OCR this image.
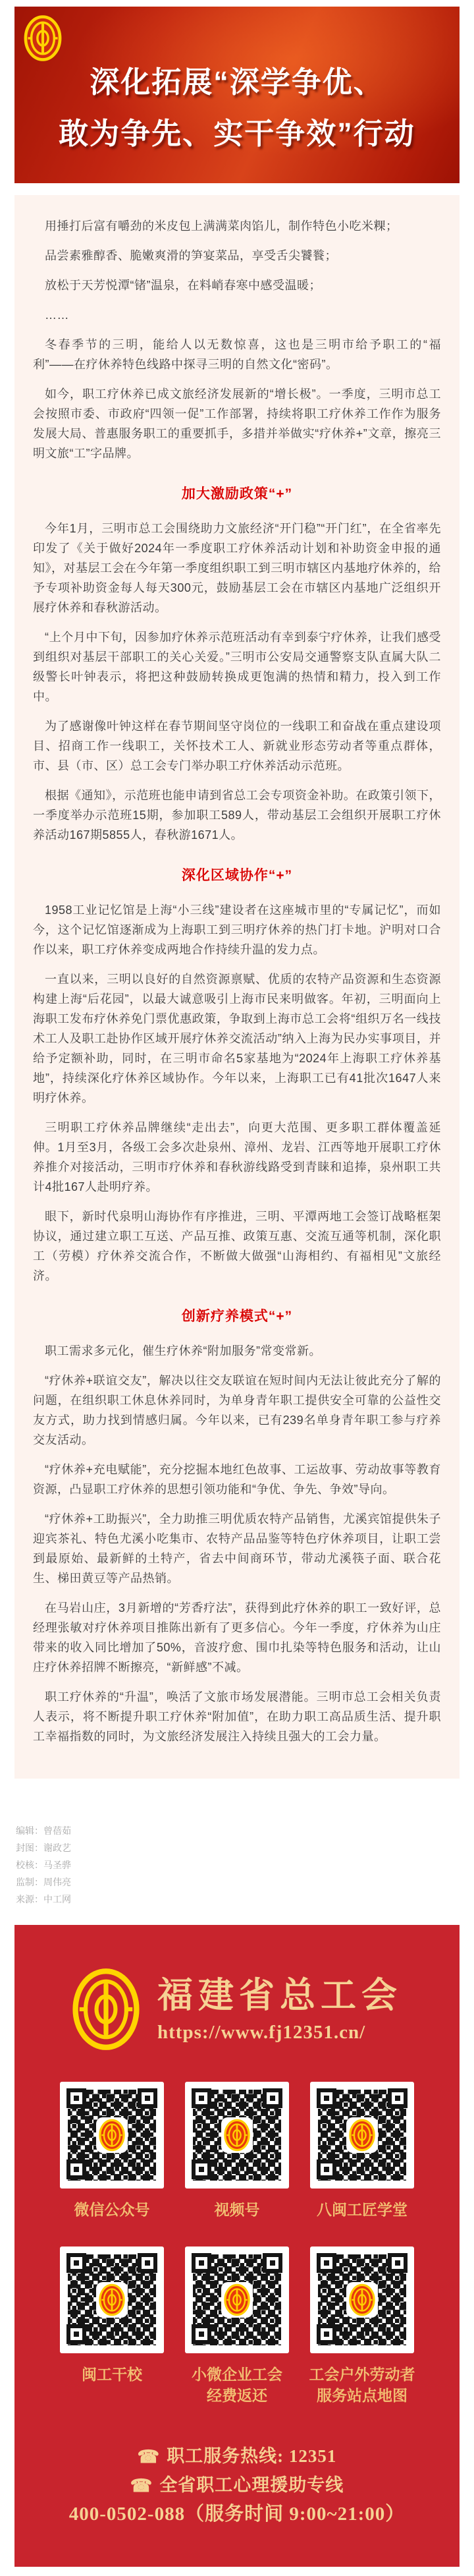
深化拓展“深学争优、
敢为争先、实干争效”行动

用捶打后富有嚼劲的米皮包上满满菜肉馅儿，制作特色小吃米粿；

品尝素雅醇香、脆嫩爽滑的笋宴菜品，享受舌尖饕餮；

放松于天芳悦潭“锗”温泉，在料峭春寒中感受温暖；

……

冬春季节的三明，能给人以无数惊喜，这也是三明市给予职工的“福利”——在疗休养特色线路中探寻三明的自然文化“密码”。

如今，职工疗休养已成文旅经济发展新的“增长极”。一季度，三明市总工会按照市委、市政府“四领一促”工作部署，持续将职工疗休养工作作为服务发展大局、普惠服务职工的重要抓手，多措并举做实“疗休养+”文章，擦亮三明文旅“工”字品牌。

加大激励政策“+”

今年1月，三明市总工会围绕助力文旅经济“开门稳”“开门红”，在全省率先印发了《关于做好2024年一季度职工疗休养活动计划和补助资金申报的通知》，对基层工会在今年第一季度组织职工到三明市辖区内基地疗休养的，给予专项补助资金每人每天300元，鼓励基层工会在市辖区内基地广泛组织开展疗休养和春秋游活动。

“上个月中下旬，因参加疗休养示范班活动有幸到泰宁疗休养，让我们感受到组织对基层干部职工的关心关爱。”三明市公安局交通警察支队直属大队二级警长叶钟表示，将把这种鼓励转换成更饱满的热情和精力，投入到工作中。

为了感谢像叶钟这样在春节期间坚守岗位的一线职工和奋战在重点建设项目、招商工作一线职工，关怀技术工人、新就业形态劳动者等重点群体，市、县（市、区）总工会专门举办职工疗休养活动示范班。

根据《通知》，示范班也能申请到省总工会专项资金补助。在政策引领下，一季度举办示范班15期，参加职工589人，带动基层工会组织开展职工疗休养活动167期5855人，春秋游1671人。

深化区域协作“+”

1958工业记忆馆是上海“小三线”建设者在这座城市里的“专属记忆”，而如今，这个记忆馆逐渐成为上海职工到三明疗休养的热门打卡地。沪明对口合作以来，职工疗休养变成两地合作持续升温的发力点。

一直以来，三明以良好的自然资源禀赋、优质的农特产品资源和生态资源构建上海“后花园”，以最大诚意吸引上海市民来明做客。年初，三明面向上海职工发布疗休养免门票优惠政策，争取到上海市总工会将“组织万名一线技术工人及职工赴协作区域开展疗休养交流活动”纳入上海为民办实事项目，并给予定额补助，同时，在三明市命名5家基地为“2024年上海职工疗休养基地”，持续深化疗休养区域协作。今年以来，上海职工已有41批次1647人来明疗休养。

三明职工疗休养品牌继续“走出去”，向更大范围、更多职工群体覆盖延伸。1月至3月，各级工会多次赴泉州、漳州、龙岩、江西等地开展职工疗休养推介对接活动，三明市疗休养和春秋游线路受到青睐和追捧，泉州职工共计4批167人赴明疗养。

眼下，新时代泉明山海协作有序推进，三明、平潭两地工会签订战略框架协议，通过建立职工互送、产品互推、政策互惠、交流互通等机制，深化职工（劳模）疗休养交流合作，不断做大做强“山海相约、有福相见”文旅经济。

创新疗养模式“+”

职工需求多元化，催生疗休养“附加服务”常变常新。

“疗休养+联谊交友”，解决以往交友联谊在短时间内无法让彼此充分了解的问题，在组织职工休息休养同时，为单身青年职工提供安全可靠的公益性交友方式，助力找到情感归属。今年以来，已有239名单身青年职工参与疗养交友活动。

“疗休养+充电赋能”，充分挖掘本地红色故事、工运故事、劳动故事等教育资源，凸显职工疗休养的思想引领功能和“争优、争先、争效”导向。

“疗休养+工助振兴”，全力助推三明优质农特产品销售，尤溪宾馆提供朱子迎宾茶礼、特色尤溪小吃集市、农特产品品鉴等特色疗休养项目，让职工尝到最原始、最新鲜的土特产，省去中间商环节，带动尤溪筷子面、联合花生、梯田黄豆等产品热销。

在马岩山庄，3月新增的“芳香疗法”，获得到此疗休养的职工一致好评，总经理张敏对疗休养项目推陈出新有了更多信心。今年一季度，疗休养为山庄带来的收入同比增加了50%，音波疗愈、围巾扎染等特色服务和活动，让山庄疗休养招牌不断擦亮，“新鲜感”不减。

职工疗休养的“升温”，唤活了文旅市场发展潜能。三明市总工会相关负责人表示，将不断提升职工疗休养“附加值”，在助力职工高品质生活、提升职工幸福指数的同时，为文旅经济发展注入持续且强大的工会力量。

编辑：曾蓓茹

封图：谢政艺

校核：马圣骅

监制：周伟亮

来源：中工网

福建省总工会
https://www.fj12351.cn/
微信公众号	视频号	八闽工匠学堂
闽工干校	小微企业工会
经费返还
工会户外劳动者
服务站点地图
☎ 职工服务热线: 12351
☎ 全省职工心理援助专线
400-0502-088（服务时间 9:00~21:00）
